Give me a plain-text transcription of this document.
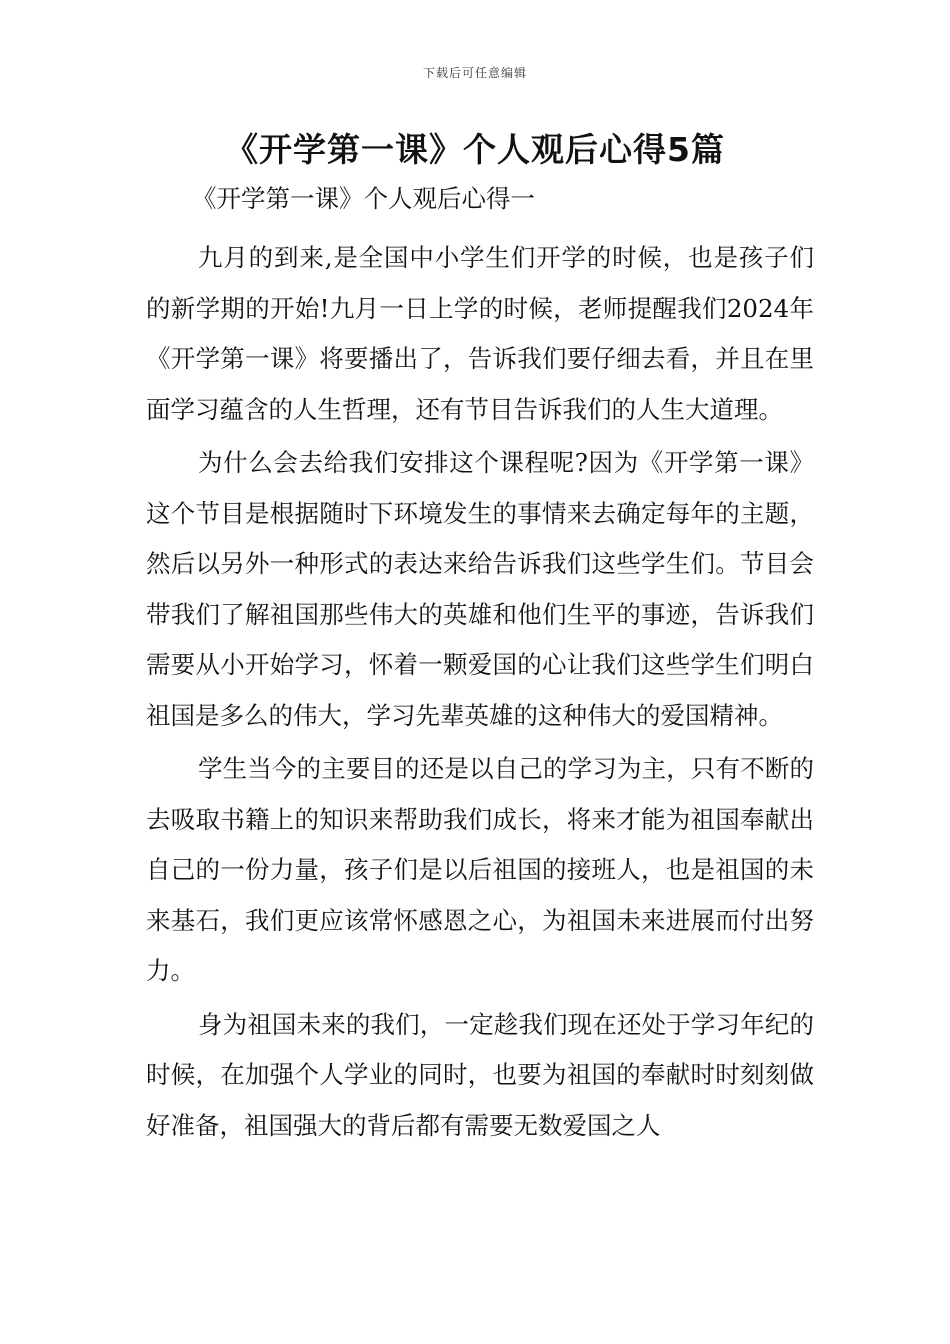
下载后可任意编辑
《开学第一课》个人观后心得5篇

《开学第一课》个人观后心得一

九月的到来,是全国中小学生们开学的时候，也是孩子们的新学期的开始!九月一日上学的时候，老师提醒我们2024年《开学第一课》将要播出了，告诉我们要仔细去看，并且在里面学习蕴含的人生哲理，还有节目告诉我们的人生大道理。

为什么会去给我们安排这个课程呢?因为《开学第一课》这个节目是根据随时下环境发生的事情来去确定每年的主题，然后以另外一种形式的表达来给告诉我们这些学生们。节目会带我们了解祖国那些伟大的英雄和他们生平的事迹，告诉我们需要从小开始学习，怀着一颗爱国的心让我们这些学生们明白祖国是多么的伟大，学习先辈英雄的这种伟大的爱国精神。

学生当今的主要目的还是以自己的学习为主，只有不断的去吸取书籍上的知识来帮助我们成长，将来才能为祖国奉献出自己的一份力量，孩子们是以后祖国的接班人，也是祖国的未来基石，我们更应该常怀感恩之心，为祖国未来进展而付出努力。

身为祖国未来的我们，一定趁我们现在还处于学习年纪的时候，在加强个人学业的同时，也要为祖国的奉献时时刻刻做好准备，祖国强大的背后都有需要无数爱国之人
